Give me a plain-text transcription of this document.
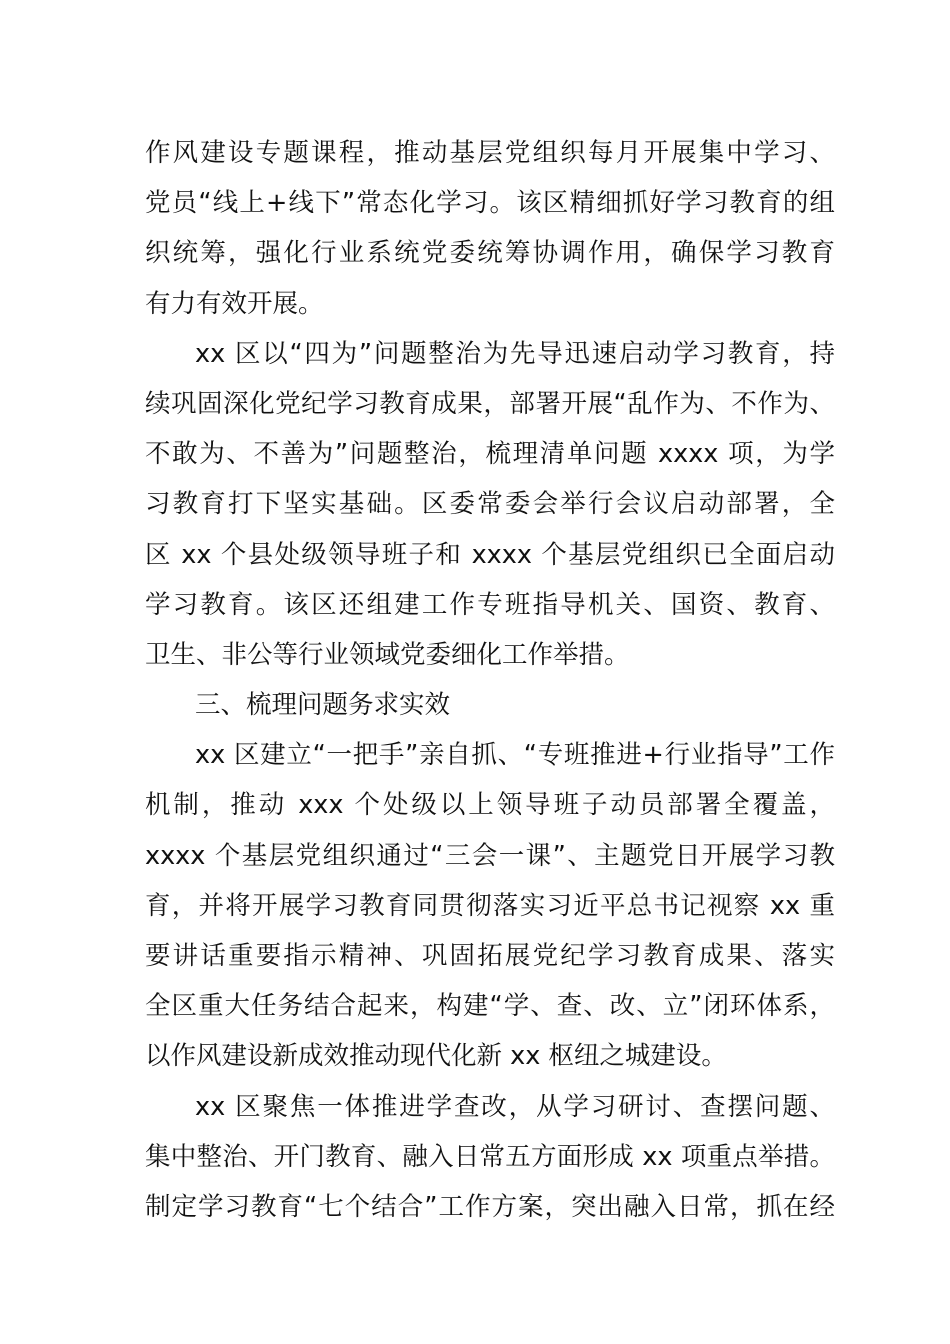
作风建设专题课程，推动基层党组织每月开展集中学习、
党员“线上+线下”常态化学习。该区精细抓好学习教育的组
织统筹，强化行业系统党委统筹协调作用，确保学习教育
有力有效开展。
xx 区以“四为”问题整治为先导迅速启动学习教育，持
续巩固深化党纪学习教育成果，部署开展“乱作为、不作为、
不敢为、不善为”问题整治，梳理清单问题 xxxx 项，为学
习教育打下坚实基础。区委常委会举行会议启动部署，全
区 xx 个县处级领导班子和 xxxx 个基层党组织已全面启动
学习教育。该区还组建工作专班指导机关、国资、教育、
卫生、非公等行业领域党委细化工作举措。
三、梳理问题务求实效
xx 区建立“一把手”亲自抓、“专班推进+行业指导”工作
机制，推动 xxx 个处级以上领导班子动员部署全覆盖，
xxxx 个基层党组织通过“三会一课”、主题党日开展学习教
育，并将开展学习教育同贯彻落实习近平总书记视察 xx 重
要讲话重要指示精神、巩固拓展党纪学习教育成果、落实
全区重大任务结合起来，构建“学、查、改、立”闭环体系，
以作风建设新成效推动现代化新 xx 枢纽之城建设。
xx 区聚焦一体推进学查改，从学习研讨、查摆问题、
集中整治、开门教育、融入日常五方面形成 xx 项重点举措。
制定学习教育“七个结合”工作方案，突出融入日常，抓在经
